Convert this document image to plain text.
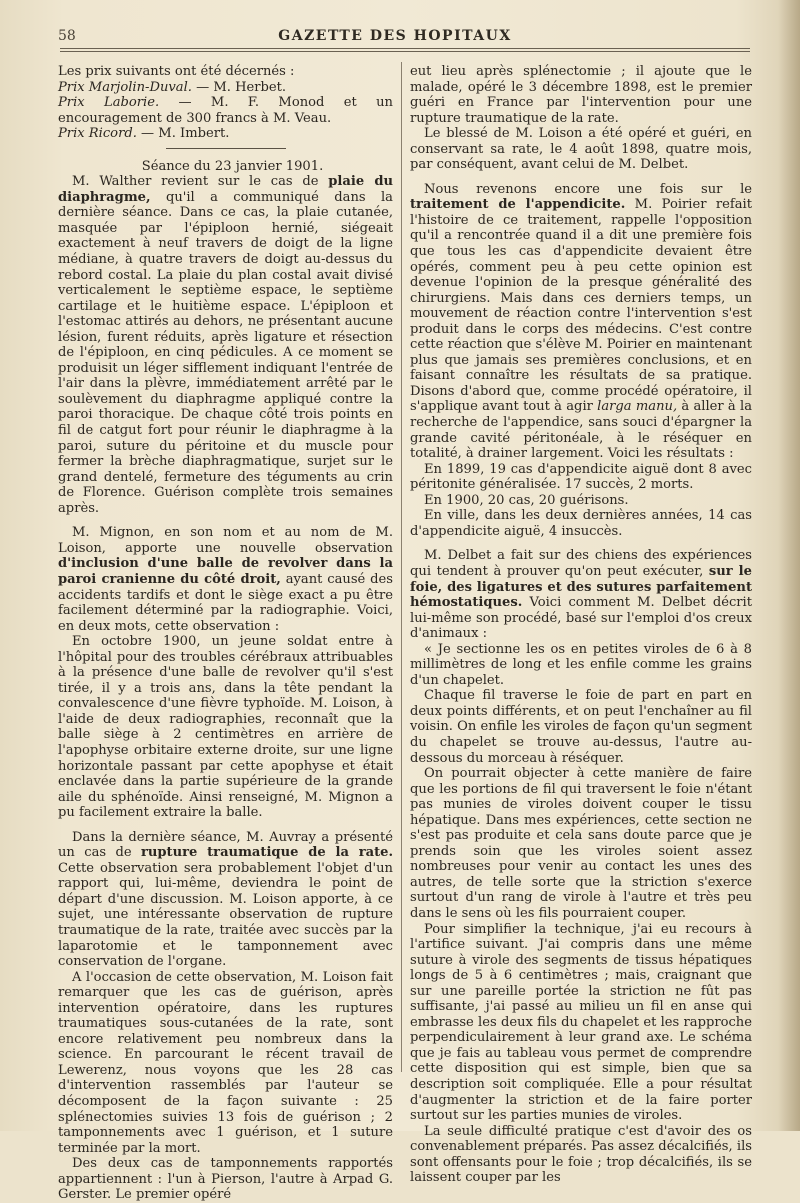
58	GAZETTE DES HOPITAUX

Les prix suivants ont été décernés :

Prix Marjolin-Duval. — M. Herbet.

Prix Laborie. — M. F. Monod et un encouragement de 300 francs à M. Veau.

Prix Ricord. — M. Imbert.

Séance du 23 janvier 1901.

M. Walther revient sur le cas de plaie du diaphragme, qu'il a communiqué dans la dernière séance. Dans ce cas, la plaie cutanée, masquée par l'épiploon hernié, siégeait exactement à neuf travers de doigt de la ligne médiane, à quatre travers de doigt au-dessus du rebord costal. La plaie du plan costal avait divisé verticalement le septième espace, le septième cartilage et le huitième espace. L'épiploon et l'estomac attirés au dehors, ne présentant aucune lésion, furent réduits, après ligature et résection de l'épiploon, en cinq pédicules. A ce moment se produisit un léger sifflement indiquant l'entrée de l'air dans la plèvre, immédiatement arrêté par le soulèvement du diaphragme appliqué contre la paroi thoracique. De chaque côté trois points en fil de catgut fort pour réunir le diaphragme à la paroi, suture du péritoine et du muscle pour fermer la brèche diaphragmatique, surjet sur le grand dentelé, fermeture des téguments au crin de Florence. Guérison complète trois semaines après.

M. Mignon, en son nom et au nom de M. Loison, apporte une nouvelle observation d'inclusion d'une balle de revolver dans la paroi cranienne du côté droit, ayant causé des accidents tardifs et dont le siège exact a pu être facilement déterminé par la radiographie. Voici, en deux mots, cette observation :

En octobre 1900, un jeune soldat entre à l'hôpital pour des troubles cérébraux attribuables à la présence d'une balle de revolver qu'il s'est tirée, il y a trois ans, dans la tête pendant la convalescence d'une fièvre typhoïde. M. Loison, à l'aide de deux radiographies, reconnaît que la balle siège à 2 centimètres en arrière de l'apophyse orbitaire externe droite, sur une ligne horizontale passant par cette apophyse et était enclavée dans la partie supérieure de la grande aile du sphénoïde. Ainsi renseigné, M. Mignon a pu facilement extraire la balle.

Dans la dernière séance, M. Auvray a présenté un cas de rupture traumatique de la rate. Cette observation sera probablement l'objet d'un rapport qui, lui-même, deviendra le point de départ d'une discussion. M. Loison apporte, à ce sujet, une intéressante observation de rupture traumatique de la rate, traitée avec succès par la laparotomie et le tamponnement avec conservation de l'organe.

A l'occasion de cette observation, M. Loison fait remarquer que les cas de guérison, après intervention opératoire, dans les ruptures traumatiques sous-cutanées de la rate, sont encore relativement peu nombreux dans la science. En parcourant le récent travail de Lewerenz, nous voyons que les 28 cas d'intervention rassemblés par l'auteur se décomposent de la façon suivante : 25 splénectomies suivies 13 fois de guérison ; 2 tamponnements avec 1 guérison, et 1 suture terminée par la mort.

Des deux cas de tamponnements rapportés appartiennent : l'un à Pierson, l'autre à Arpad G. Gerster. Le premier opéré

eut lieu après splénectomie ; il ajoute que le malade, opéré le 3 décembre 1898, est le premier guéri en France par l'intervention pour une rupture traumatique de la rate.

Le blessé de M. Loison a été opéré et guéri, en conservant sa rate, le 4 août 1898, quatre mois, par conséquent, avant celui de M. Delbet.

Nous revenons encore une fois sur le traitement de l'appendicite. M. Poirier refait l'histoire de ce traitement, rappelle l'opposition qu'il a rencontrée quand il a dit une première fois que tous les cas d'appendicite devaient être opérés, comment peu à peu cette opinion est devenue l'opinion de la presque généralité des chirurgiens. Mais dans ces derniers temps, un mouvement de réaction contre l'intervention s'est produit dans le corps des médecins. C'est contre cette réaction que s'élève M. Poirier en maintenant plus que jamais ses premières conclusions, et en faisant connaître les résultats de sa pratique. Disons d'abord que, comme procédé opératoire, il s'applique avant tout à agir larga manu, à aller à la recherche de l'appendice, sans souci d'épargner la grande cavité péritonéale, à le réséquer en totalité, à drainer largement. Voici les résultats :

En 1899, 19 cas d'appendicite aiguë dont 8 avec péritonite généralisée. 17 succès, 2 morts.

En 1900, 20 cas, 20 guérisons.

En ville, dans les deux dernières années, 14 cas d'appendicite aiguë, 4 insuccès.

M. Delbet a fait sur des chiens des expériences qui tendent à prouver qu'on peut exécuter, sur le foie, des ligatures et des sutures parfaitement hémostatiques. Voici comment M. Delbet décrit lui-même son procédé, basé sur l'emploi d'os creux d'animaux :

« Je sectionne les os en petites viroles de 6 à 8 millimètres de long et les enfile comme les grains d'un chapelet.

Chaque fil traverse le foie de part en part en deux points différents, et on peut l'enchaîner au fil voisin. On enfile les viroles de façon qu'un segment du chapelet se trouve au-dessus, l'autre au-dessous du morceau à réséquer.

On pourrait objecter à cette manière de faire que les portions de fil qui traversent le foie n'étant pas munies de viroles doivent couper le tissu hépatique. Dans mes expériences, cette section ne s'est pas produite et cela sans doute parce que je prends soin que les viroles soient assez nombreuses pour venir au contact les unes des autres, de telle sorte que la striction s'exerce surtout d'un rang de virole à l'autre et très peu dans le sens où les fils pourraient couper.

Pour simplifier la technique, j'ai eu recours à l'artifice suivant. J'ai compris dans une même suture à virole des segments de tissus hépatiques longs de 5 à 6 centimètres ; mais, craignant que sur une pareille portée la striction ne fût pas suffisante, j'ai passé au milieu un fil en anse qui embrasse les deux fils du chapelet et les rapproche perpendiculairement à leur grand axe. Le schéma que je fais au tableau vous permet de comprendre cette disposition qui est simple, bien que sa description soit compliquée. Elle a pour résultat d'augmenter la striction et de la faire porter surtout sur les parties munies de viroles.

La seule difficulté pratique c'est d'avoir des os convenablement préparés. Pas assez décalcifiés, ils sont offensants pour le foie ; trop décalcifiés, ils se laissent couper par les
